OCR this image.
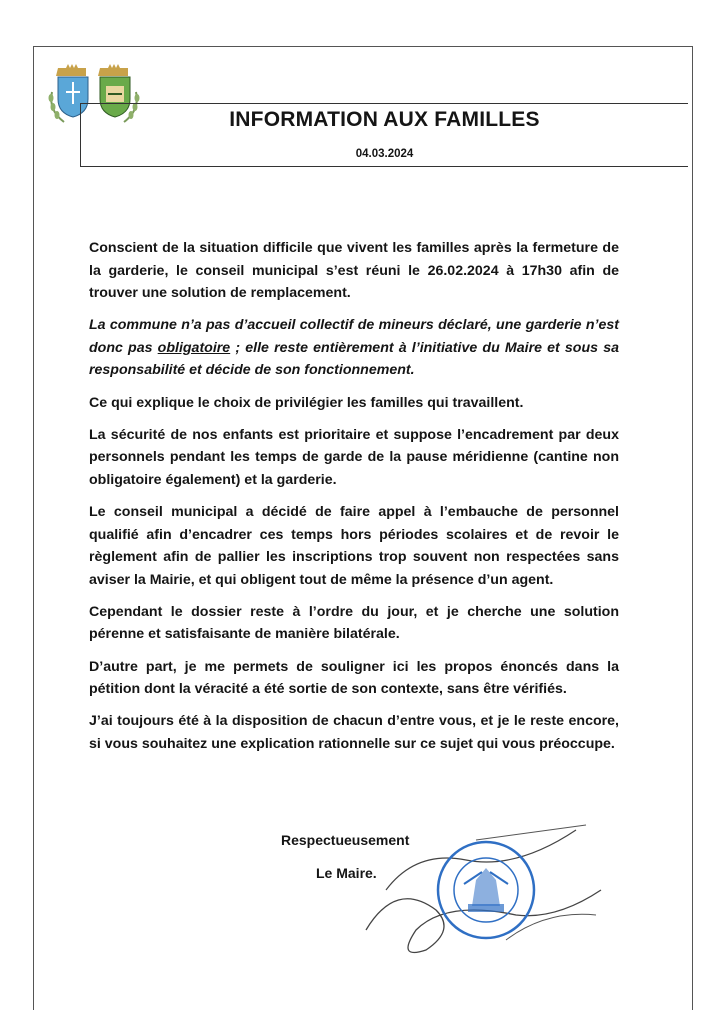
INFORMATION AUX FAMILLES
04.03.2024

Conscient de la situation difficile que vivent les familles après la fermeture de la garderie, le conseil municipal s’est réuni le 26.02.2024 à 17h30 afin de trouver une solution de remplacement.

La commune n’a pas d’accueil collectif de mineurs déclaré, une garderie n’est donc pas obligatoire ; elle reste entièrement à l’initiative du Maire et sous sa responsabilité et décide de son fonctionnement.

Ce qui explique le choix de privilégier les familles qui travaillent.

La sécurité de nos enfants est prioritaire et suppose l’encadrement par deux personnels pendant les temps de garde de la pause méridienne (cantine non obligatoire également) et la garderie.

Le conseil municipal a décidé de faire appel à l’embauche de personnel qualifié afin d’encadrer ces temps hors périodes scolaires et de revoir le règlement afin de pallier les inscriptions trop souvent non respectées sans aviser la Mairie, et qui obligent tout de même la présence d’un agent.

Cependant le dossier reste à l’ordre du jour, et je cherche une solution pérenne et satisfaisante de manière bilatérale.

D’autre part, je me permets de souligner ici les propos énoncés dans la pétition dont la véracité a été sortie de son contexte, sans être vérifiés.

J’ai toujours été à la disposition de chacun d’entre vous, et je le reste encore, si vous souhaitez une explication rationnelle sur ce sujet qui vous préoccupe.

Respectueusement
Le Maire.
